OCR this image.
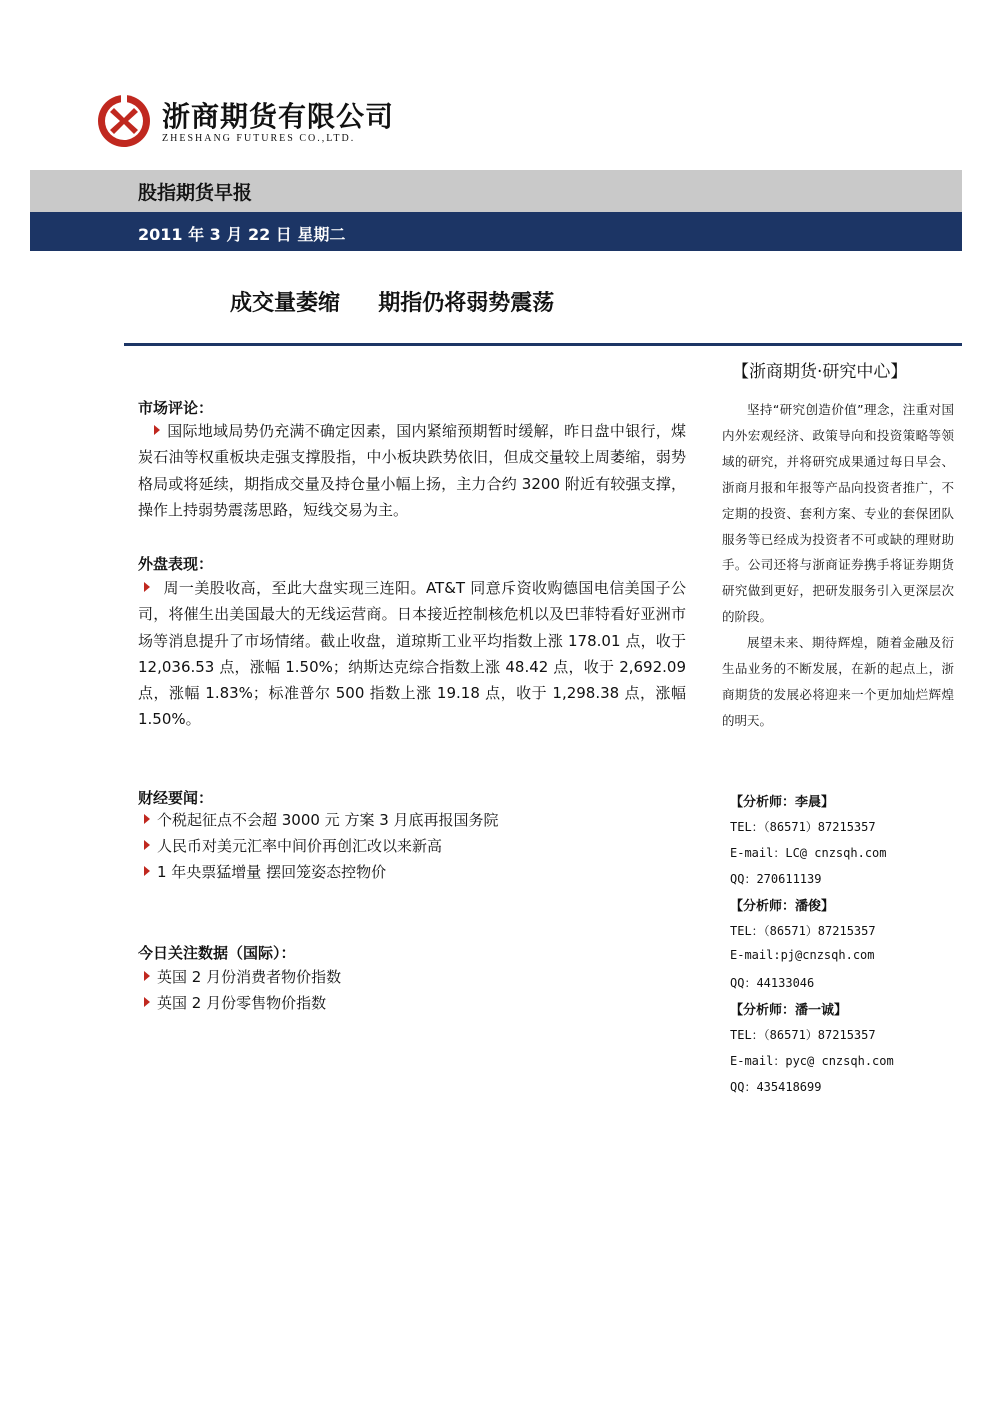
浙商期货有限公司
ZHESHANG FUTURES CO.,LTD.
股指期货早报
2011 年 3 月 22 日 星期二
成交量萎缩     期指仍将弱势震荡
市场评论：
国际地域局势仍充满不确定因素，国内紧缩预期暂时缓解，昨日盘中银行，煤炭石油等权重板块走强支撑股指，中小板块跌势依旧，但成交量较上周萎缩，弱势格局或将延续，期指成交量及持仓量小幅上扬，主力合约 3200 附近有较强支撑，操作上持弱势震荡思路，短线交易为主。
外盘表现：
周一美股收高，至此大盘实现三连阳。AT&T 同意斥资收购德国电信美国子公司，将催生出美国最大的无线运营商。日本接近控制核危机以及巴菲特看好亚洲市场等消息提升了市场情绪。截止收盘，道琼斯工业平均指数上涨 178.01 点，收于 12,036.53 点，涨幅 1.50%；纳斯达克综合指数上涨 48.42 点，收于 2,692.09 点，涨幅 1.83%；标准普尔 500 指数上涨 19.18 点，收于 1,298.38 点，涨幅 1.50%。
财经要闻：
个税起征点不会超 3000 元 方案 3 月底再报国务院
人民币对美元汇率中间价再创汇改以来新高
1 年央票猛增量 摆回笼姿态控物价
今日关注数据（国际）：
英国 2 月份消费者物价指数
英国 2 月份零售物价指数
【浙商期货·研究中心】

坚持“研究创造价值”理念，注重对国内外宏观经济、政策导向和投资策略等领域的研究，并将研究成果通过每日早会、浙商月报和年报等产品向投资者推广，不定期的投资、套利方案、专业的套保团队服务等已经成为投资者不可或缺的理财助手。公司还将与浙商证券携手将证券期货研究做到更好，把研发服务引入更深层次的阶段。

展望未来、期待辉煌，随着金融及衍生品业务的不断发展，在新的起点上，浙商期货的发展必将迎来一个更加灿烂辉煌的明天。

【分析师：李晨】
TEL：（86571）87215357
E-mail：LC@ cnzsqh.com
QQ：270611139
【分析师：潘俊】
TEL：（86571）87215357
E-mail:pj@cnzsqh.com
QQ：44133046
【分析师：潘一诚】
TEL：（86571）87215357
E-mail：pyc@ cnzsqh.com
QQ：435418699
